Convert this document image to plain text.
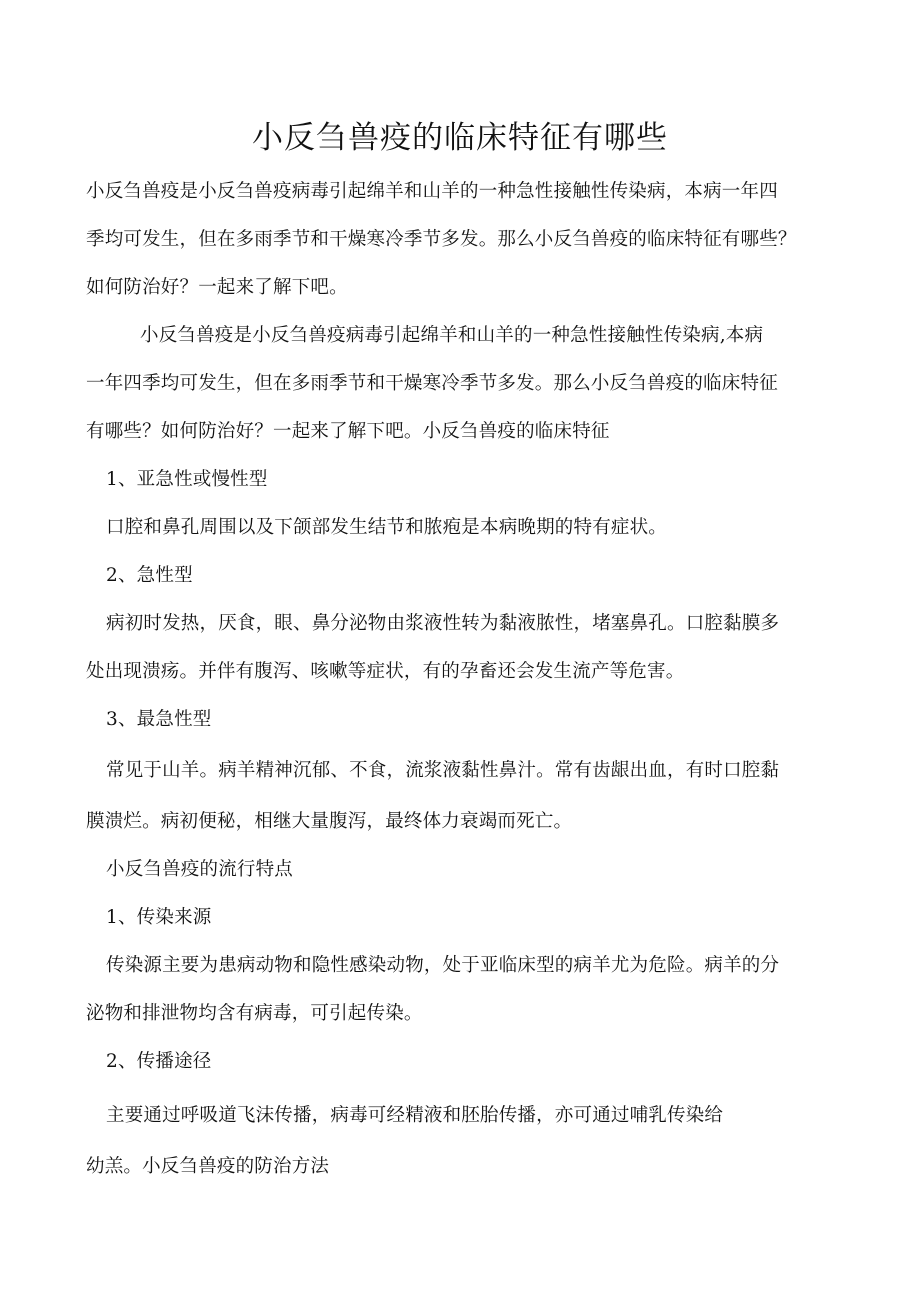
小反刍兽疫的临床特征有哪些
小反刍兽疫是小反刍兽疫病毒引起绵羊和山羊的一种急性接触性传染病，本病一年四
季均可发生，但在多雨季节和干燥寒冷季节多发。那么小反刍兽疫的临床特征有哪些？
如何防治好？一起来了解下吧。
小反刍兽疫是小反刍兽疫病毒引起绵羊和山羊的一种急性接触性传染病,本病
一年四季均可发生，但在多雨季节和干燥寒冷季节多发。那么小反刍兽疫的临床特征
有哪些？如何防治好？一起来了解下吧。小反刍兽疫的临床特征
1、亚急性或慢性型
口腔和鼻孔周围以及下颌部发生结节和脓疱是本病晚期的特有症状。
2、急性型
病初时发热，厌食，眼、鼻分泌物由浆液性转为黏液脓性，堵塞鼻孔。口腔黏膜多
处出现溃疡。并伴有腹泻、咳嗽等症状，有的孕畜还会发生流产等危害。
3、最急性型
常见于山羊。病羊精神沉郁、不食，流浆液黏性鼻汁。常有齿龈出血，有时口腔黏
膜溃烂。病初便秘，相继大量腹泻，最终体力衰竭而死亡。
小反刍兽疫的流行特点
1、传染来源
传染源主要为患病动物和隐性感染动物，处于亚临床型的病羊尤为危险。病羊的分
泌物和排泄物均含有病毒，可引起传染。
2、传播途径
主要通过呼吸道飞沫传播，病毒可经精液和胚胎传播，亦可通过哺乳传染给
幼羔。小反刍兽疫的防治方法
